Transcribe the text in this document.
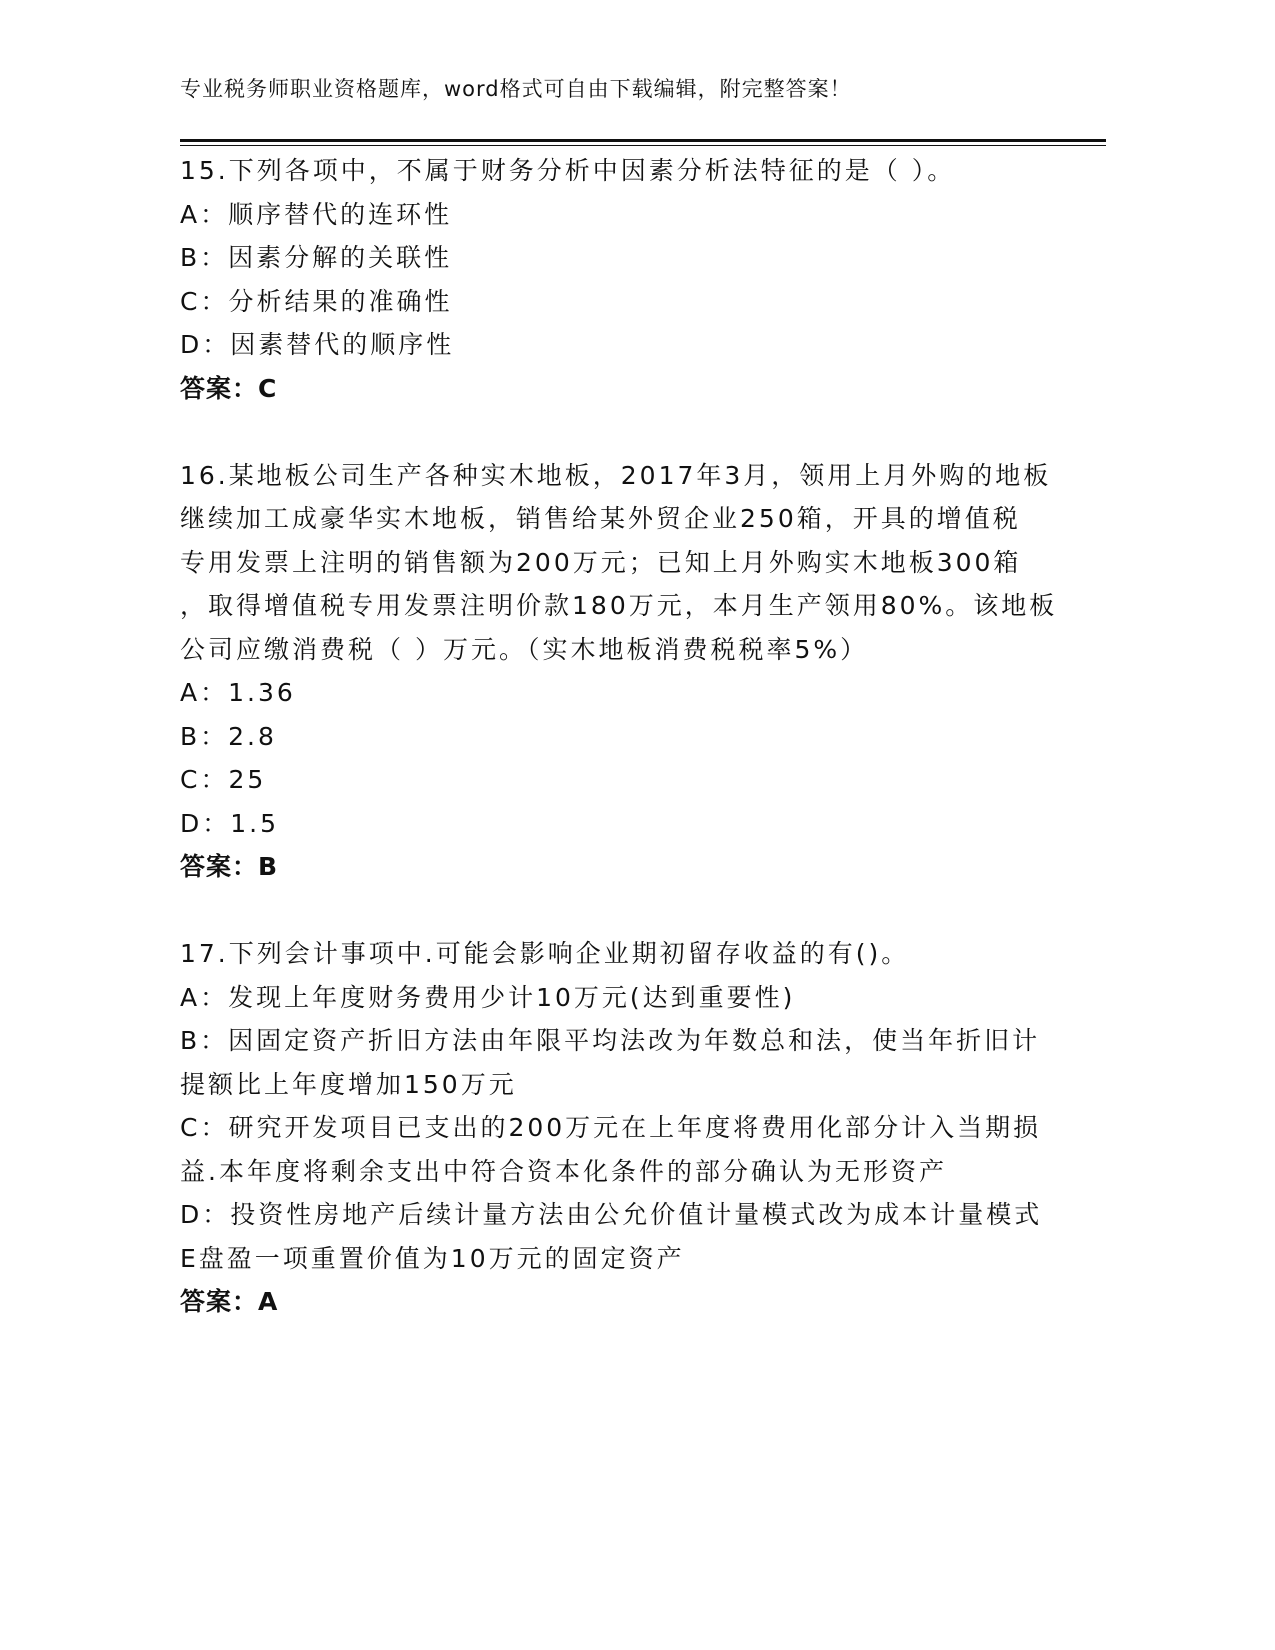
专业税务师职业资格题库，word格式可自由下载编辑，附完整答案！
15.下列各项中，不属于财务分析中因素分析法特征的是（ ）。
A：顺序替代的连环性
B：因素分解的关联性
C：分析结果的准确性
D：因素替代的顺序性
答案：C
16.某地板公司生产各种实木地板，2017年3月，领用上月外购的地板
继续加工成豪华实木地板，销售给某外贸企业250箱，开具的增值税
专用发票上注明的销售额为200万元；已知上月外购实木地板300箱
，取得增值税专用发票注明价款180万元，本月生产领用80%。该地板
公司应缴消费税（ ）万元。（实木地板消费税税率5%）
A：1.36
B：2.8
C：25
D：1.5
答案：B
17.下列会计事项中.可能会影响企业期初留存收益的有()。
A：发现上年度财务费用少计10万元(达到重要性)
B：因固定资产折旧方法由年限平均法改为年数总和法，使当年折旧计
提额比上年度增加150万元
C：研究开发项目已支出的200万元在上年度将费用化部分计入当期损
益.本年度将剩余支出中符合资本化条件的部分确认为无形资产
D：投资性房地产后续计量方法由公允价值计量模式改为成本计量模式
E盘盈一项重置价值为10万元的固定资产
答案：A
